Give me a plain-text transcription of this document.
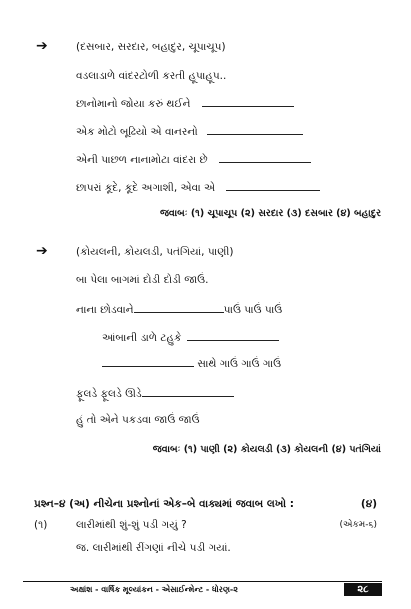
➔	(દસબાર, સરદાર, બહાદુર, ચૂપાચૂપ)
વડલાડાળે વાંદરટોળી કરતી હૂપાહૂપ..
છાનોમાનો જોયા કરું થઈને
એક મોટો બૂઢિયો એ વાનરનો
એની પાછળ નાનામોટા વાંદરા છે
છાપરાં કૂદે, કૂદે અગાશી, એવા એ
જવાબઃ (૧) ચૂપાચૂપ (૨) સરદાર (૩) દસબાર (૪) બહાદુર
➔	(કોયલની, કોયલડી, પતંગિયાં, પાણી)
બા પેલા બાગમાં દોડી દોડી જાઉં.
નાના છોડવાને	પાઉં પાઉં પાઉં
આંબાની ડાળે ટહુકે
સાથે ગાઉં ગાઉં ગાઉં
ફૂલડે ફૂલડે ઊડે
હું તો એને પકડવા જાઉં જાઉં
જવાબઃ (૧) પાણી (૨) કોયલડી (૩) કોયલની (૪) પતંગિયાં
પ્રશ્ન–૪ (અ) નીચેના પ્રશ્નોનાં એક–બે વાક્યમાં જવાબ લખો :	(૪)
(૧)	લારીમાંથી શું-શું પડી ગયું ?	(એકમ-૬)
જ. લારીમાંથી રીંગણાં નીચે પડી ગયાં.
અક્ષાંશ - વાર્ષિક મૂલ્યાંકન - એસાઈન્મેન્ટ - ધોરણ-૨	૨૮
